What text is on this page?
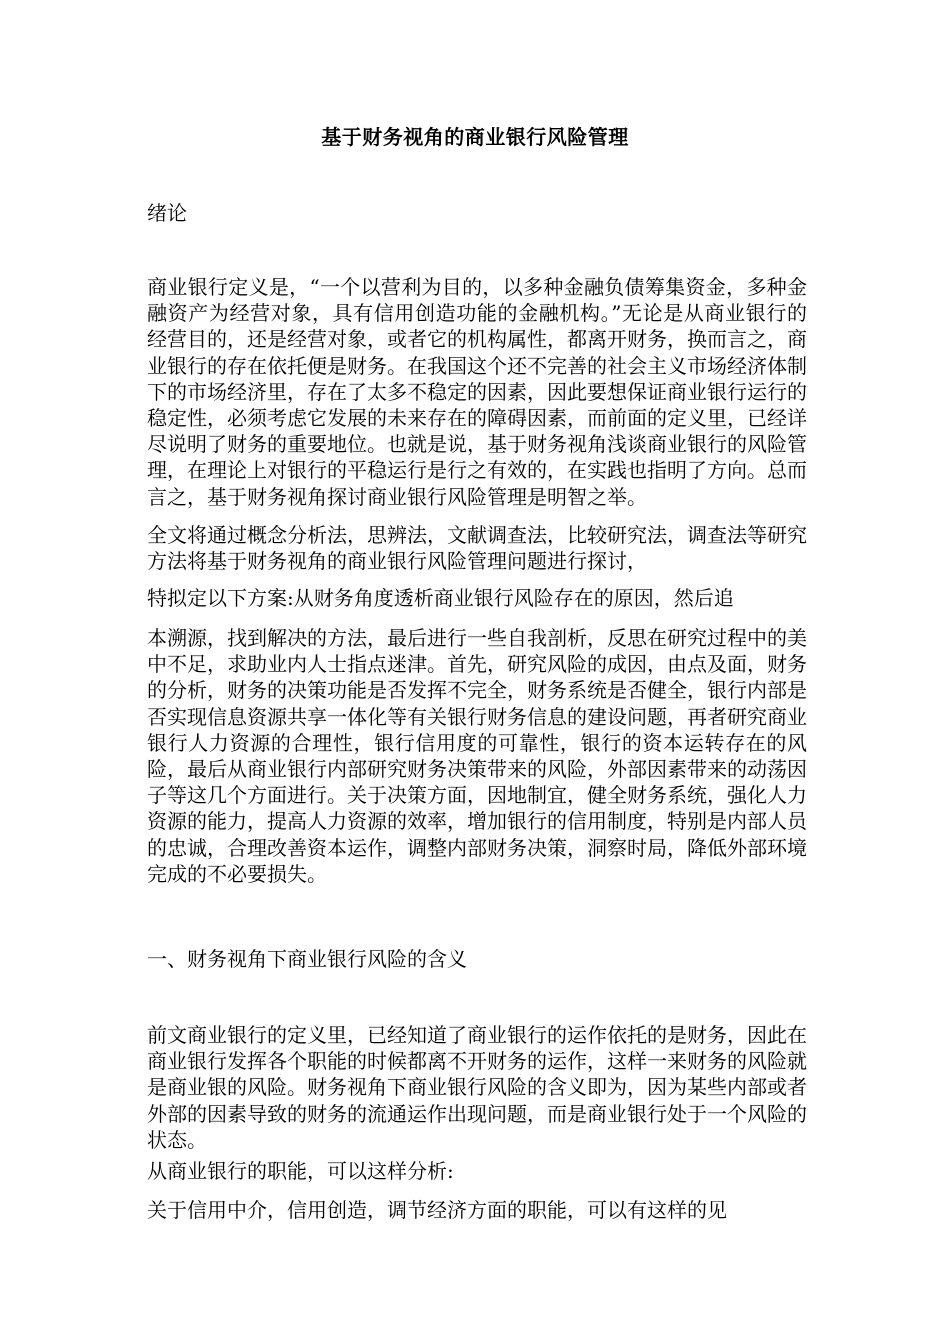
基于财务视角的商业银行风险管理
绪论
商业银行定义是，“一个以营利为目的，以多种金融负债筹集资金，多种金融资产为经营对象，具有信用创造功能的金融机构。”无论是从商业银行的经营目的，还是经营对象，或者它的机构属性，都离开财务，换而言之，商业银行的存在依托便是财务。在我国这个还不完善的社会主义市场经济体制下的市场经济里，存在了太多不稳定的因素，因此要想保证商业银行运行的稳定性，必须考虑它发展的未来存在的障碍因素，而前面的定义里，已经详尽说明了财务的重要地位。也就是说，基于财务视角浅谈商业银行的风险管理，在理论上对银行的平稳运行是行之有效的，在实践也指明了方向。总而言之，基于财务视角探讨商业银行风险管理是明智之举。
全文将通过概念分析法，思辨法，文献调查法，比较研究法，调查法等研究方法将基于财务视角的商业银行风险管理问题进行探讨，
特拟定以下方案:从财务角度透析商业银行风险存在的原因，然后追
本溯源，找到解决的方法，最后进行一些自我剖析，反思在研究过程中的美中不足，求助业内人士指点迷津。首先，研究风险的成因，由点及面，财务的分析，财务的决策功能是否发挥不完全，财务系统是否健全，银行内部是否实现信息资源共享一体化等有关银行财务信息的建设问题，再者研究商业银行人力资源的合理性，银行信用度的可靠性，银行的资本运转存在的风险，最后从商业银行内部研究财务决策带来的风险，外部因素带来的动荡因子等这几个方面进行。关于决策方面，因地制宜，健全财务系统，强化人力资源的能力，提高人力资源的效率，增加银行的信用制度，特别是内部人员的忠诚，合理改善资本运作，调整内部财务决策，洞察时局，降低外部环境完成的不必要损失。
一、财务视角下商业银行风险的含义
前文商业银行的定义里，已经知道了商业银行的运作依托的是财务，因此在商业银行发挥各个职能的时候都离不开财务的运作，这样一来财务的风险就是商业银的风险。财务视角下商业银行风险的含义即为，因为某些内部或者外部的因素导致的财务的流通运作出现问题，而是商业银行处于一个风险的状态。
从商业银行的职能，可以这样分析:
关于信用中介，信用创造，调节经济方面的职能，可以有这样的见
